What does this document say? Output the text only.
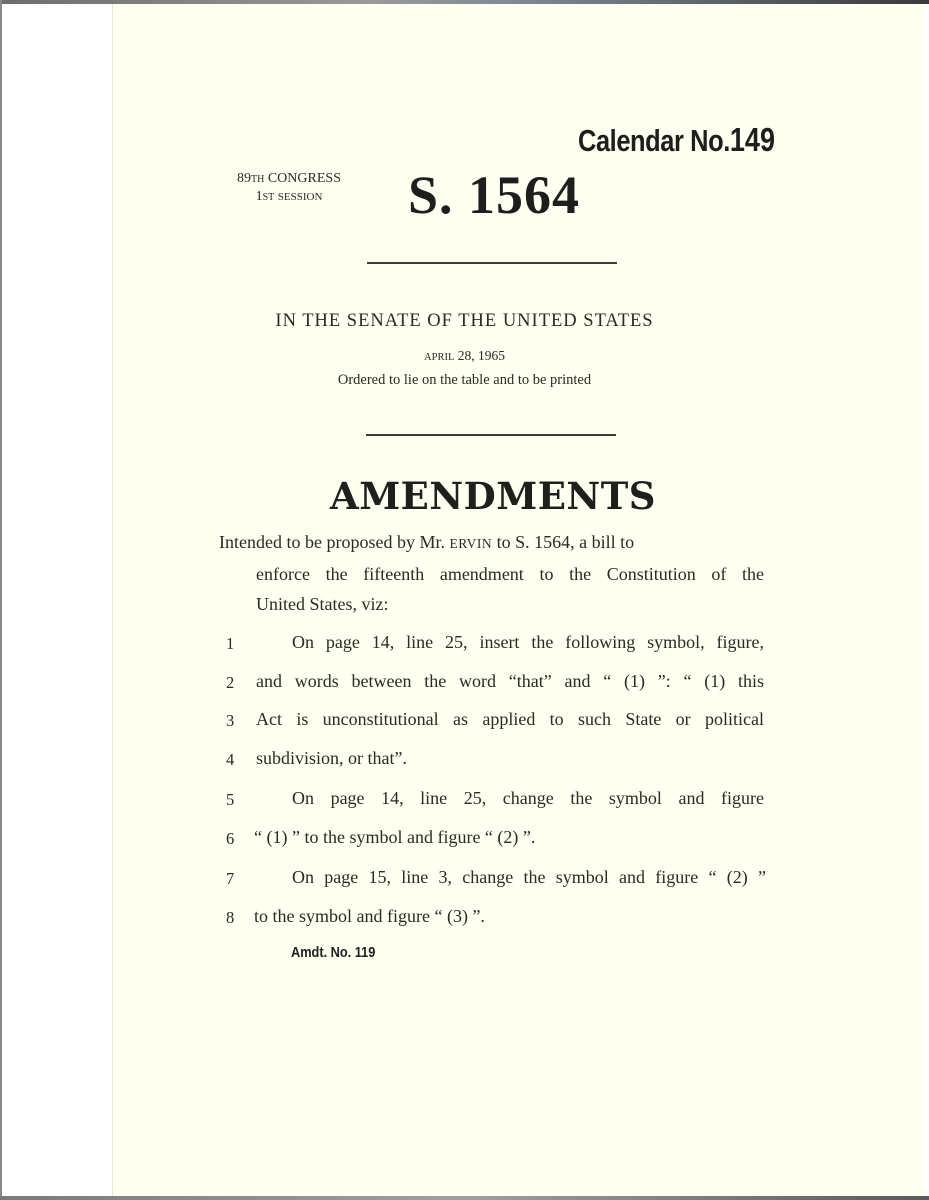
Calendar No.149
89TH CONGRESS
1ST SESSION	S. 1564
IN THE SENATE OF THE UNITED STATES
APRIL 28, 1965
Ordered to lie on the table and to be printed
AMENDMENTS
Intended to be proposed by Mr. ERVIN to S. 1564, a bill to
enforce the fifteenth amendment to the Constitution of the
United States, viz:
1
2
3
4
5
6
7
8
On page 14, line 25, insert the following symbol, figure,
and words between the word “that” and “ (1) ”: “ (1) this
Act is unconstitutional as applied to such State or political
subdivision, or that”.
On page 14, line 25, change the symbol and figure
“ (1) ” to the symbol and figure “ (2) ”.
On page 15, line 3, change the symbol and figure “ (2) ”
to the symbol and figure “ (3) ”.
Amdt. No. 119
